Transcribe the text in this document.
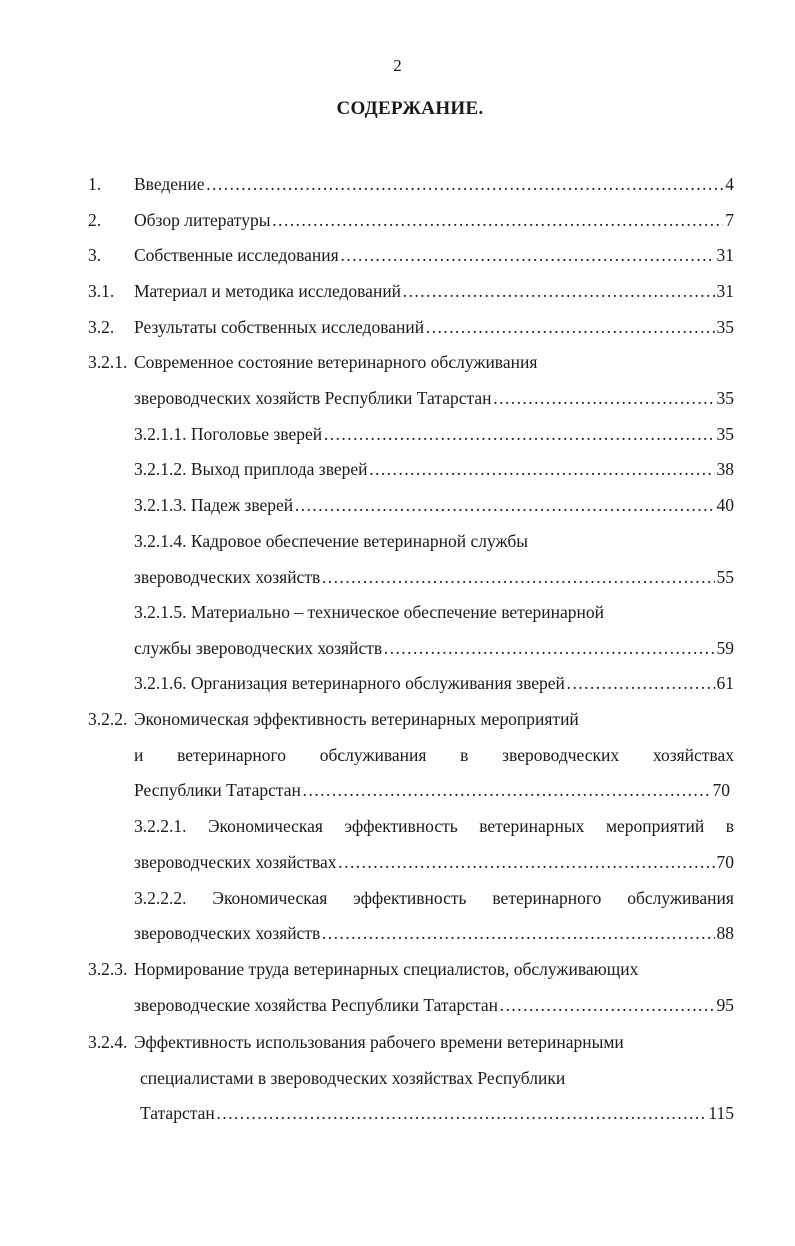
2
СОДЕРЖАНИЕ.
1. Введение ……………………………………………………………………………………………………………………………………………………………………………………………………	4
2. Обзор литературы ……………………………………………………………………………………………………………………………………………………………………………………………………	7
3. Собственные исследования ……………………………………………………………………………………………………………………………………………………………………………………………………	31
3.1. Материал и методика исследований ……………………………………………………………………………………………………………………………………………………………………………………………………	31
3.2. Результаты собственных исследований ……………………………………………………………………………………………………………………………………………………………………………………………………	35
3.2.1. Современное состояние ветеринарного обслуживания
звероводческих хозяйств Республики Татарстан ……………………………………………………………………………………………………………………………………………………………………………………………………	35
3.2.1.1. Поголовье зверей ……………………………………………………………………………………………………………………………………………………………………………………………………	35
3.2.1.2. Выход приплода зверей ……………………………………………………………………………………………………………………………………………………………………………………………………	38
3.2.1.3. Падеж зверей ……………………………………………………………………………………………………………………………………………………………………………………………………	40
3.2.1.4. Кадровое обеспечение ветеринарной службы
звероводческих хозяйств ……………………………………………………………………………………………………………………………………………………………………………………………………	55
3.2.1.5. Материально – техническое обеспечение ветеринарной
службы звероводческих хозяйств ……………………………………………………………………………………………………………………………………………………………………………………………………	59
3.2.1.6. Организация ветеринарного обслуживания зверей ……………………………………………………………………………………………………………………………………………………………………………………………………	61
3.2.2. Экономическая эффективность ветеринарных мероприятий
и ветеринарного обслуживания в звероводческих хозяйствах
Республики Татарстан ……………………………………………………………………………………………………………………………………………………………………………………………………	70
3.2.2.1. Экономическая эффективность ветеринарных мероприятий в
звероводческих хозяйствах ……………………………………………………………………………………………………………………………………………………………………………………………………	70
3.2.2.2. Экономическая эффективность ветеринарного обслуживания
звероводческих хозяйств ……………………………………………………………………………………………………………………………………………………………………………………………………	88
3.2.3. Нормирование труда ветеринарных специалистов, обслуживающих
звероводческие хозяйства Республики Татарстан ……………………………………………………………………………………………………………………………………………………………………………………………………	95
3.2.4. Эффективность использования рабочего времени ветеринарными
специалистами в звероводческих хозяйствах Республики
Татарстан ……………………………………………………………………………………………………………………………………………………………………………………………………	115
